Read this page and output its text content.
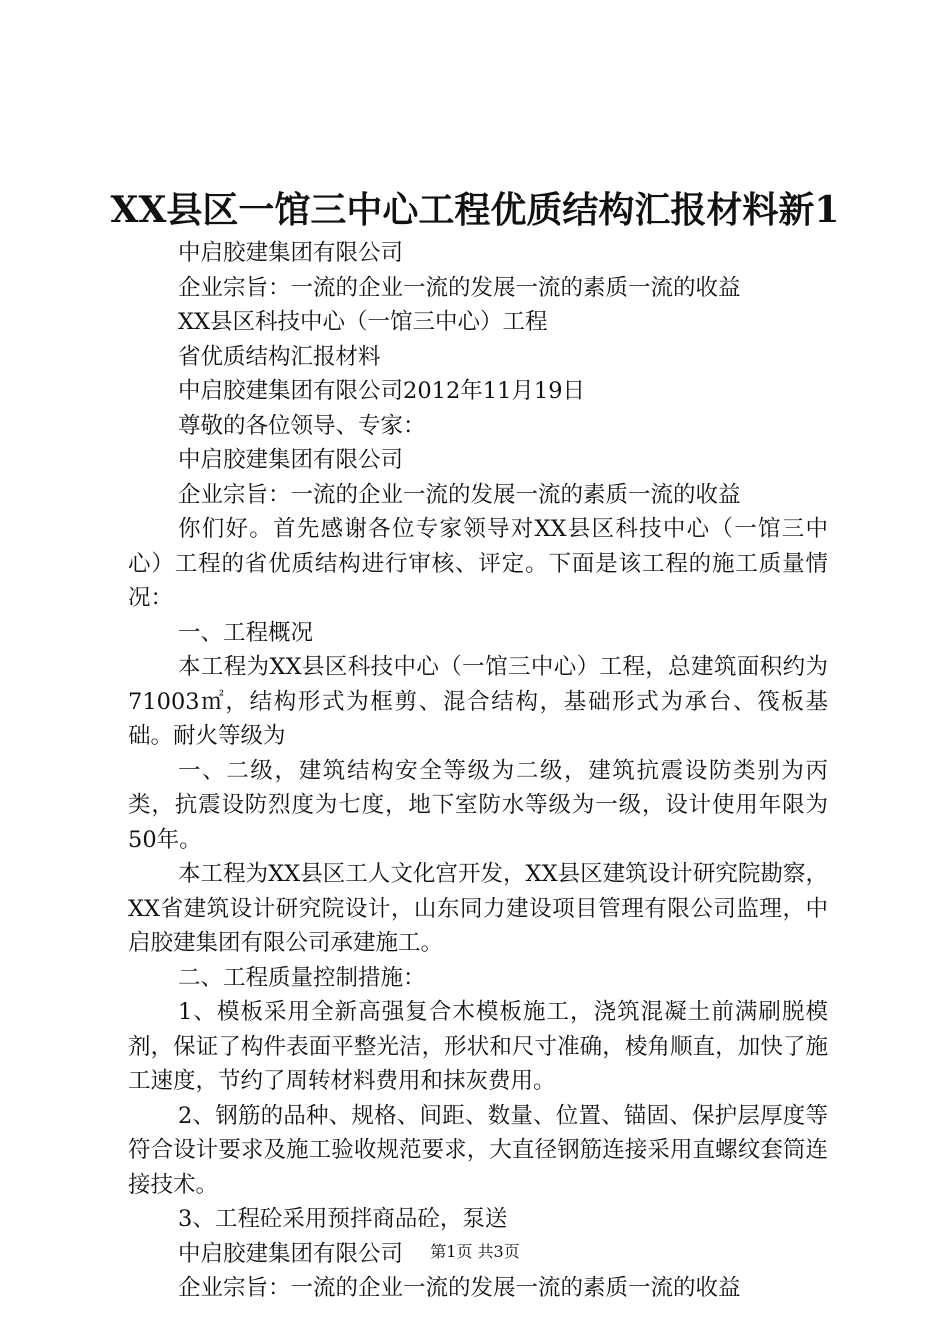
XX县区一馆三中心工程优质结构汇报材料新1

中启胶建集团有限公司

企业宗旨：一流的企业一流的发展一流的素质一流的收益

XX县区科技中心（一馆三中心）工程

省优质结构汇报材料

中启胶建集团有限公司2012年11月19日

尊敬的各位领导、专家：

中启胶建集团有限公司

企业宗旨：一流的企业一流的发展一流的素质一流的收益

你们好。首先感谢各位专家领导对XX县区科技中心（一馆三中心）工程的省优质结构进行审核、评定。下面是该工程的施工质量情况：

一、工程概况

本工程为XX县区科技中心（一馆三中心）工程，总建筑面积约为71003㎡，结构形式为框剪、混合结构，基础形式为承台、筏板基础。耐火等级为

一、二级，建筑结构安全等级为二级，建筑抗震设防类别为丙类，抗震设防烈度为七度，地下室防水等级为一级，设计使用年限为50年。

本工程为XX县区工人文化宫开发，XX县区建筑设计研究院勘察，XX省建筑设计研究院设计，山东同力建设项目管理有限公司监理，中启胶建集团有限公司承建施工。

二、工程质量控制措施：

1、模板采用全新高强复合木模板施工，浇筑混凝土前满刷脱模剂，保证了构件表面平整光洁，形状和尺寸准确，棱角顺直，加快了施工速度，节约了周转材料费用和抹灰费用。

2、钢筋的品种、规格、间距、数量、位置、锚固、保护层厚度等符合设计要求及施工验收规范要求，大直径钢筋连接采用直螺纹套筒连接技术。

3、工程砼采用预拌商品砼，泵送

中启胶建集团有限公司

企业宗旨：一流的企业一流的发展一流的素质一流的收益

第1页 共3页
